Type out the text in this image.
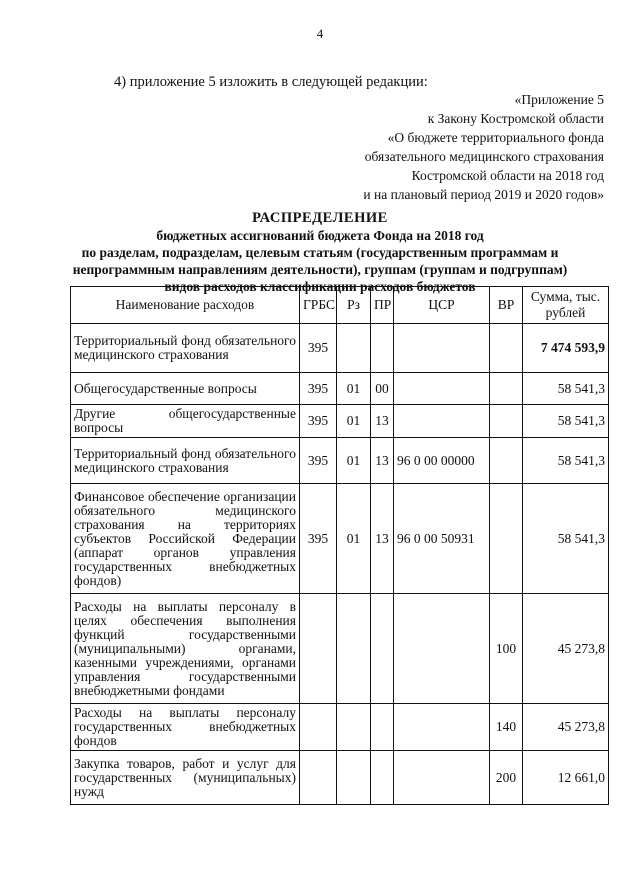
4
4) приложение 5 изложить в следующей редакции:
«Приложение 5
к Закону Костромской области
«О бюджете территориального фонда
обязательного медицинского страхования
Костромской области на 2018 год
и на плановый период 2019 и 2020 годов»
РАСПРЕДЕЛЕНИЕ
бюджетных ассигнований бюджета Фонда на 2018 год
по разделам, подразделам, целевым статьям (государственным программам и
непрограммным направлениям деятельности), группам (группам и подгруппам)
видов расходов классификации расходов бюджетов
Наименование расходов	ГРБС	Рз	ПР	ЦСР	ВР	Сумма, тыс. рублей
Территориальный фонд обязательного медицинского страхования	395					7 474 593,9
Общегосударственные вопросы	395	01	00			58 541,3
Другие общегосударственные вопросы	395	01	13			58 541,3
Территориальный фонд обязательного медицинского страхования	395	01	13	96 0 00 00000		58 541,3
Финансовое обеспечение организации обязательного медицинского страхования на территориях субъектов Российской Федерации (аппарат органов управления государственных внебюджетных фондов)	395	01	13	96 0 00 50931		58 541,3
Расходы на выплаты персоналу в целях обеспечения выполнения функций государственными (муниципальными) органами, казенными учреждениями, органами управления государственными внебюджетными фондами					100	45 273,8
Расходы на выплаты персоналу государственных внебюджетных фондов					140	45 273,8
Закупка товаров, работ и услуг для государственных (муниципальных) нужд					200	12 661,0
